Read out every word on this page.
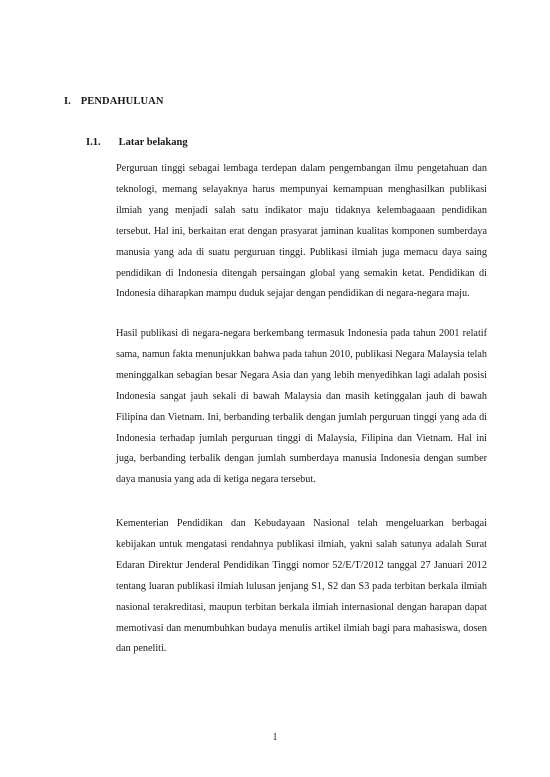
I. PENDAHULUAN
I.1. Latar belakang

Perguruan tinggi sebagai lembaga terdepan dalam pengembangan ilmu pengetahuan dan teknologi, memang selayaknya harus mempunyai kemampuan menghasilkan publikasi ilmiah yang menjadi salah satu indikator maju tidaknya kelembagaaan pendidikan tersebut. Hal ini, berkaitan erat dengan prasyarat jaminan kualitas komponen sumberdaya manusia yang ada di suatu perguruan tinggi. Publikasi ilmiah juga memacu daya saing pendidikan di Indonesia ditengah persaingan global yang semakin ketat. Pendidikan di Indonesia diharapkan mampu duduk sejajar dengan pendidikan di negara-negara maju.

Hasil publikasi di negara-negara berkembang termasuk Indonesia pada tahun 2001 relatif sama, namun fakta menunjukkan bahwa pada tahun 2010, publikasi Negara Malaysia telah meninggalkan sebagian besar Negara Asia dan yang lebih menyedihkan lagi adalah posisi Indonesia sangat jauh sekali di bawah Malaysia dan masih ketinggalan jauh di bawah Filipina dan Vietnam. Ini, berbanding terbalik dengan jumlah perguruan tinggi yang ada di Indonesia terhadap jumlah perguruan tinggi di Malaysia, Filipina dan Vietnam. Hal ini juga, berbanding terbalik dengan jumlah sumberdaya manusia Indonesia dengan sumber daya manusia yang ada di ketiga negara tersebut.

Kementerian Pendidikan dan Kebudayaan Nasional telah mengeluarkan berbagai kebijakan untuk mengatasi rendahnya publikasi ilmiah, yakni salah satunya adalah Surat Edaran Direktur Jenderal Pendidikan Tinggi nomor 52/E/T/2012 tanggal 27 Januari 2012 tentang luaran publikasi ilmiah lulusan jenjang S1, S2 dan S3 pada terbitan berkala ilmiah nasional terakreditasi, maupun terbitan berkala ilmiah internasional dengan harapan dapat memotivasi dan menumbuhkan budaya menulis artikel ilmiah bagi para mahasiswa, dosen dan peneliti.

1
